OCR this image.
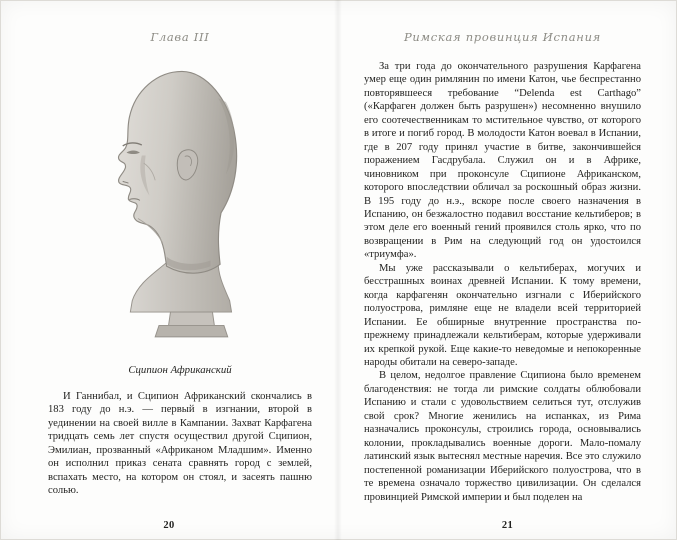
Глава III
Сципион Африканский

И Ганнибал, и Сципион Африканский скончались в 183 году до н.э. — первый в изгнании, второй в уединении на своей вилле в Кампании. Захват Карфагена тридцать семь лет спустя осуществил другой Сципион, Эмилиан, прозванный «Африканом Младшим». Именно он исполнил приказ сената сравнять город с землей, вспахать место, на котором он стоял, и засеять пашню солью.

20
Римская провинция Испания

За три года до окончательного разрушения Карфагена умер еще один римлянин по имени Катон, чье беспрестанно повторявшееся требование “Delenda est Carthago” («Карфаген должен быть разрушен») несомненно внушило его соотечественникам то мстительное чувство, от которого в итоге и погиб город. В молодости Катон воевал в Испании, где в 207 году принял участие в битве, закончившейся поражением Гасдрубала. Служил он и в Африке, чиновником при проконсуле Сципионе Африканском, которого впоследствии обличал за роскошный образ жизни. В 195 году до н.э., вскоре после своего назначения в Испанию, он безжалостно подавил восстание кельтиберов; в этом деле его военный гений проявился столь ярко, что по возвращении в Рим на следующий год он удостоился «триумфа».

Мы уже рассказывали о кельтиберах, могучих и бесстрашных воинах древней Испании. К тому времени, когда карфагенян окончательно изгнали с Иберийского полуострова, римляне еще не владели всей территорией Испании. Ее обширные внутренние пространства по-прежнему принадлежали кельтиберам, которые удерживали их крепкой рукой. Еще какие-то неведомые и непокоренные народы обитали на северо-западе.

В целом, недолгое правление Сципиона было временем благоденствия: не тогда ли римские солдаты облюбовали Испанию и стали с удовольствием селиться тут, отслужив свой срок? Многие женились на испанках, из Рима назначались проконсулы, строились города, основывались колонии, прокладывались военные дороги. Мало-помалу латинский язык вытеснял местные наречия. Все это служило постепенной романизации Иберийского полуострова, что в те времена означало торжество цивилизации. Он сделался провинцией Римской империи и был поделен на

21
